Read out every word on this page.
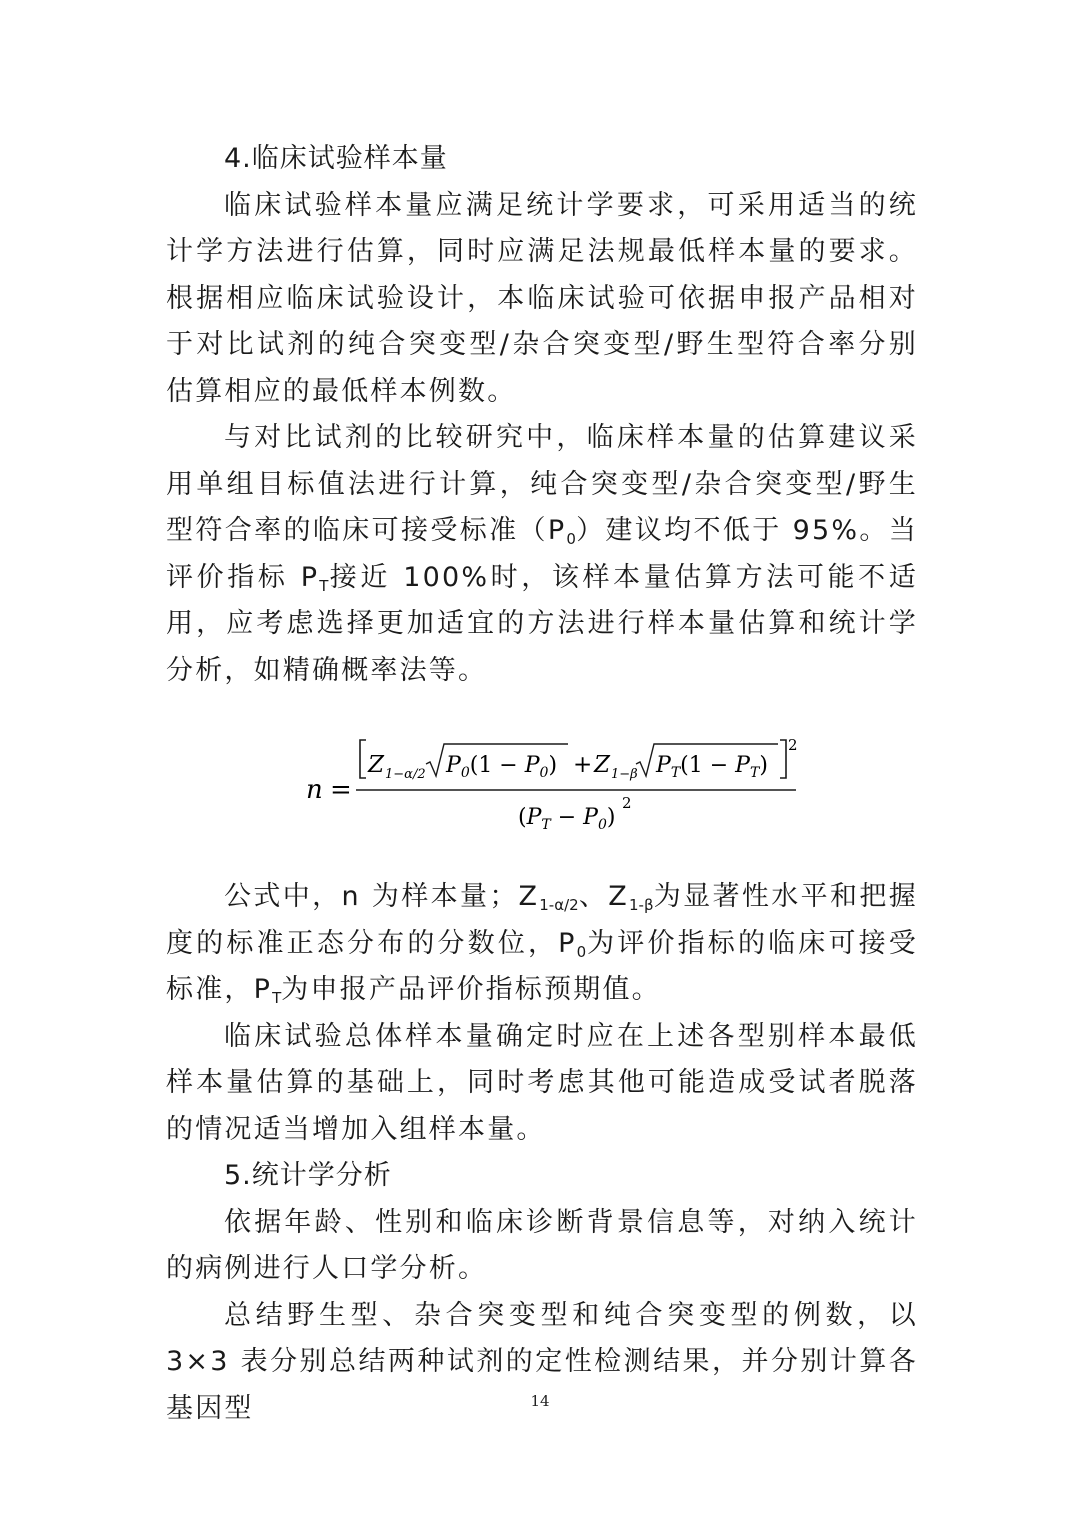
4.临床试验样本量

临床试验样本量应满足统计学要求，可采用适当的统计学方法进行估算，同时应满足法规最低样本量的要求。根据相应临床试验设计，本临床试验可依据申报产品相对于对比试剂的纯合突变型/杂合突变型/野生型符合率分别估算相应的最低样本例数。

与对比试剂的比较研究中，临床样本量的估算建议采用单组目标值法进行计算，纯合突变型/杂合突变型/野生型符合率的临床可接受标准$(P_0)$建议均不低于 95%。当评价指标 $P_T$接近 100%时，该样本量估算方法可能不适用，应考虑选择更加适宜的方法进行样本量估算和统计学分析，如精确概率法等。

n =
Z 1−α/2 $P_0(1 - P_0) + Z$ 1−β $P_T(1 - P_T)$
2
$(P_T - P_0)$
2

公式中，n 为样本量；$Z_{1-\alpha/2}$、$Z_{1-\beta}$为显著性水平和把握度的标准正态分布的分数位，$P_0$为评价指标的临床可接受标准，$P_T$为申报产品评价指标预期值。

临床试验总体样本量确定时应在上述各型别样本最低样本量估算的基础上，同时考虑其他可能造成受试者脱落的情况适当增加入组样本量。

5.统计学分析

依据年龄、性别和临床诊断背景信息等，对纳入统计的病例进行人口学分析。

总结野生型、杂合突变型和纯合突变型的例数，以 3×3 表分别总结两种试剂的定性检测结果，并分别计算各基因型	14
